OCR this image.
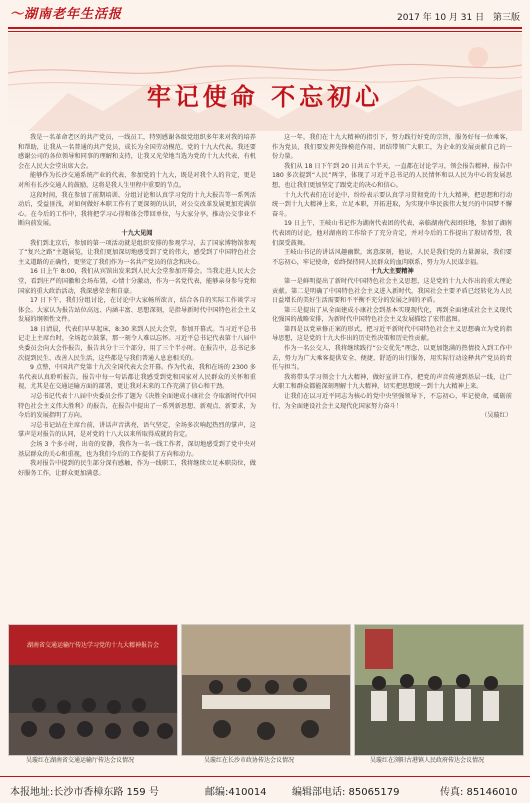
〜湖南老年生活报	2017 年 10 月 31 日 第三版
牢记使命 不忘初心

我是一名革命老区的共产党员，一线员工，特别感谢各级党组织多年来对我的培养和帮助，让我从一名普通的共产党员，成长为全国劳动模范、党的十九大代表。我还要感谢公司的各位领导和同事的理解和支持，让我又光荣地当选为党的十九大代表，有机会在人民大会堂出席大会。

能够作为长沙交通系统产业的代表，参加党的十九大，既是对我个人的肯定，更是对所有长沙交通人的鼓励，这将是我人生里程中重要的节点。

这段时间，我在参加了前期培训、分组讨论和认真学习党的十九大报告等一系列活动后，受益匪浅，对如何做好本职工作有了更深刻的认识，对公交改革发展更加充满信心。在今后的工作中，我将把学习心得和体会带回单位，与大家分享，推动公交事业不断向前发展。

十九大见闻

我们到北京后，参加的第一项活动就是组织安排的参观学习，去了国家博物馆参观了“复兴之路”主题展览，让我们更加深切地感受到了党的伟大，感受到了中国特色社会主义道路的正确性，更坚定了我们作为一名共产党员的信念和决心。

16 日上午 8:00，我们从宾馆出发来到人民大会堂参加开幕会。当我走进人民大会堂，看到庄严的国徽和会场布置，心情十分激动，作为一名党代表，能够亲身参与党和国家的重大政治活动，我深感荣幸和自豪。

17 日下午，我们分组讨论，在讨论中大家畅所欲言，结合各自的实际工作谈学习体会。大家认为报告站位高远、内涵丰富、思想深刻，是指导新时代中国特色社会主义发展的纲领性文件。

18 日清晨，代表们早早起床，8:30 来到人民大会堂，参加开幕式。当习近平总书记走上主席台时，全场起立鼓掌，那一刻令人难以忘怀。习近平总书记代表第十八届中央委员会向大会作报告，报告共分十三个部分，用了三个半小时。在报告中，总书记多次提到民生、改善人民生活，这些都是与我们普通人息息相关的。

9 点整，中国共产党第十九次全国代表大会开幕。作为代表，我和在场的 2300 多名代表认真聆听报告，报告中每一句话都让我感受到党和国家对人民群众的关怀和重视，尤其是在交通运输方面的部署，更让我对未来的工作充满了信心和干劲。

习总书记代表十八届中央委员会作了题为《决胜全面建成小康社会 夺取新时代中国特色社会主义伟大胜利》的报告，在报告中提出了一系列新思想、新观点、新要求，为今后的发展指明了方向。

习总书记站在主席台前，讲话声音洪亮，语气坚定，全场多次响起热烈的掌声，这掌声是对报告的认同，是对党的十八大以来所取得成就的肯定。

会场 3 个多小时，出奇的安静，我作为一名一线工作者，深切地感受到了党中央对基层群众的关心和重视，也为我们今后的工作提供了方向和动力。

我对报告中提到的民生部分深有感触，作为一线职工，我将继续立足本职岗位，做好服务工作，让群众更加满意。

这一年，我们在十九大精神的指引下，努力践行好党的宗旨，服务好每一位乘客，作为党员，我们要发挥先锋模范作用，团结带领广大职工，为企业的发展贡献自己的一份力量。

我们从 18 日下午到 20 日共五个半天，一直都在讨论学习，领会报告精神，报告中 180 多次提到“人民”两字，体现了习近平总书记的人民情怀和以人民为中心的发展思想，也让我们更加坚定了跟党走的决心和信心。

十九大代表们在讨论中，纷纷表示要认真学习贯彻党的十九大精神，把思想和行动统一到十九大精神上来，立足本职，开拓进取，为实现中华民族伟大复兴的中国梦不懈奋斗。

19 日上午，王岐山书记作为湖南代表团的代表，亲临湖南代表团驻地，参加了湖南代表团的讨论，他对湖南的工作给予了充分肯定，并对今后的工作提出了殷切希望，我们深受鼓舞。

王岐山书记的讲话风趣幽默，寓意深刻，他说，人民是我们党的力量源泉，我们要不忘初心，牢记使命，始终保持同人民群众的血肉联系，努力为人民谋幸福。

十九大主要精神

第一是鲜明提出了新时代中国特色社会主义思想，这是党的十九大作出的重大理论贡献。第二是明确了中国特色社会主义进入新时代，我国社会主要矛盾已经转化为人民日益增长的美好生活需要和不平衡不充分的发展之间的矛盾。

第三是提出了从全面建成小康社会到基本实现现代化，再到全面建成社会主义现代化强国的战略安排，为新时代中国特色社会主义发展描绘了宏伟蓝图。

第四是以党章修正案的形式，把习近平新时代中国特色社会主义思想确立为党的指导思想，这是党的十九大作出的历史性决策和历史性贡献。

作为一名公交人，我将继续践行“公交优先”理念，以更加饱满的热情投入到工作中去，努力为广大乘客提供安全、便捷、舒适的出行服务，用实际行动诠释共产党员的责任与担当。

我将带头学习领会十九大精神，做好宣讲工作，把党的声音传递到基层一线，让广大职工和群众都能深刻理解十九大精神，切实把思想统一到十九大精神上来。

让我们在以习近平同志为核心的党中央坚强领导下，不忘初心，牢记使命，砥砺前行，为全面建设社会主义现代化国家努力奋斗！

（吴璇红）

湖南省交通运输厅传达学习党的十九大精神报告会
吴璇红在湖南省交通运输厅传达会议情况	吴璇红在长沙市政协传达会议情况	吴璇红在浏阳古港镇人民政府传达会议情况
本报地址:长沙市香樟东路 159 号	邮编:410014	编辑部电话: 85065179	传真: 85146010
